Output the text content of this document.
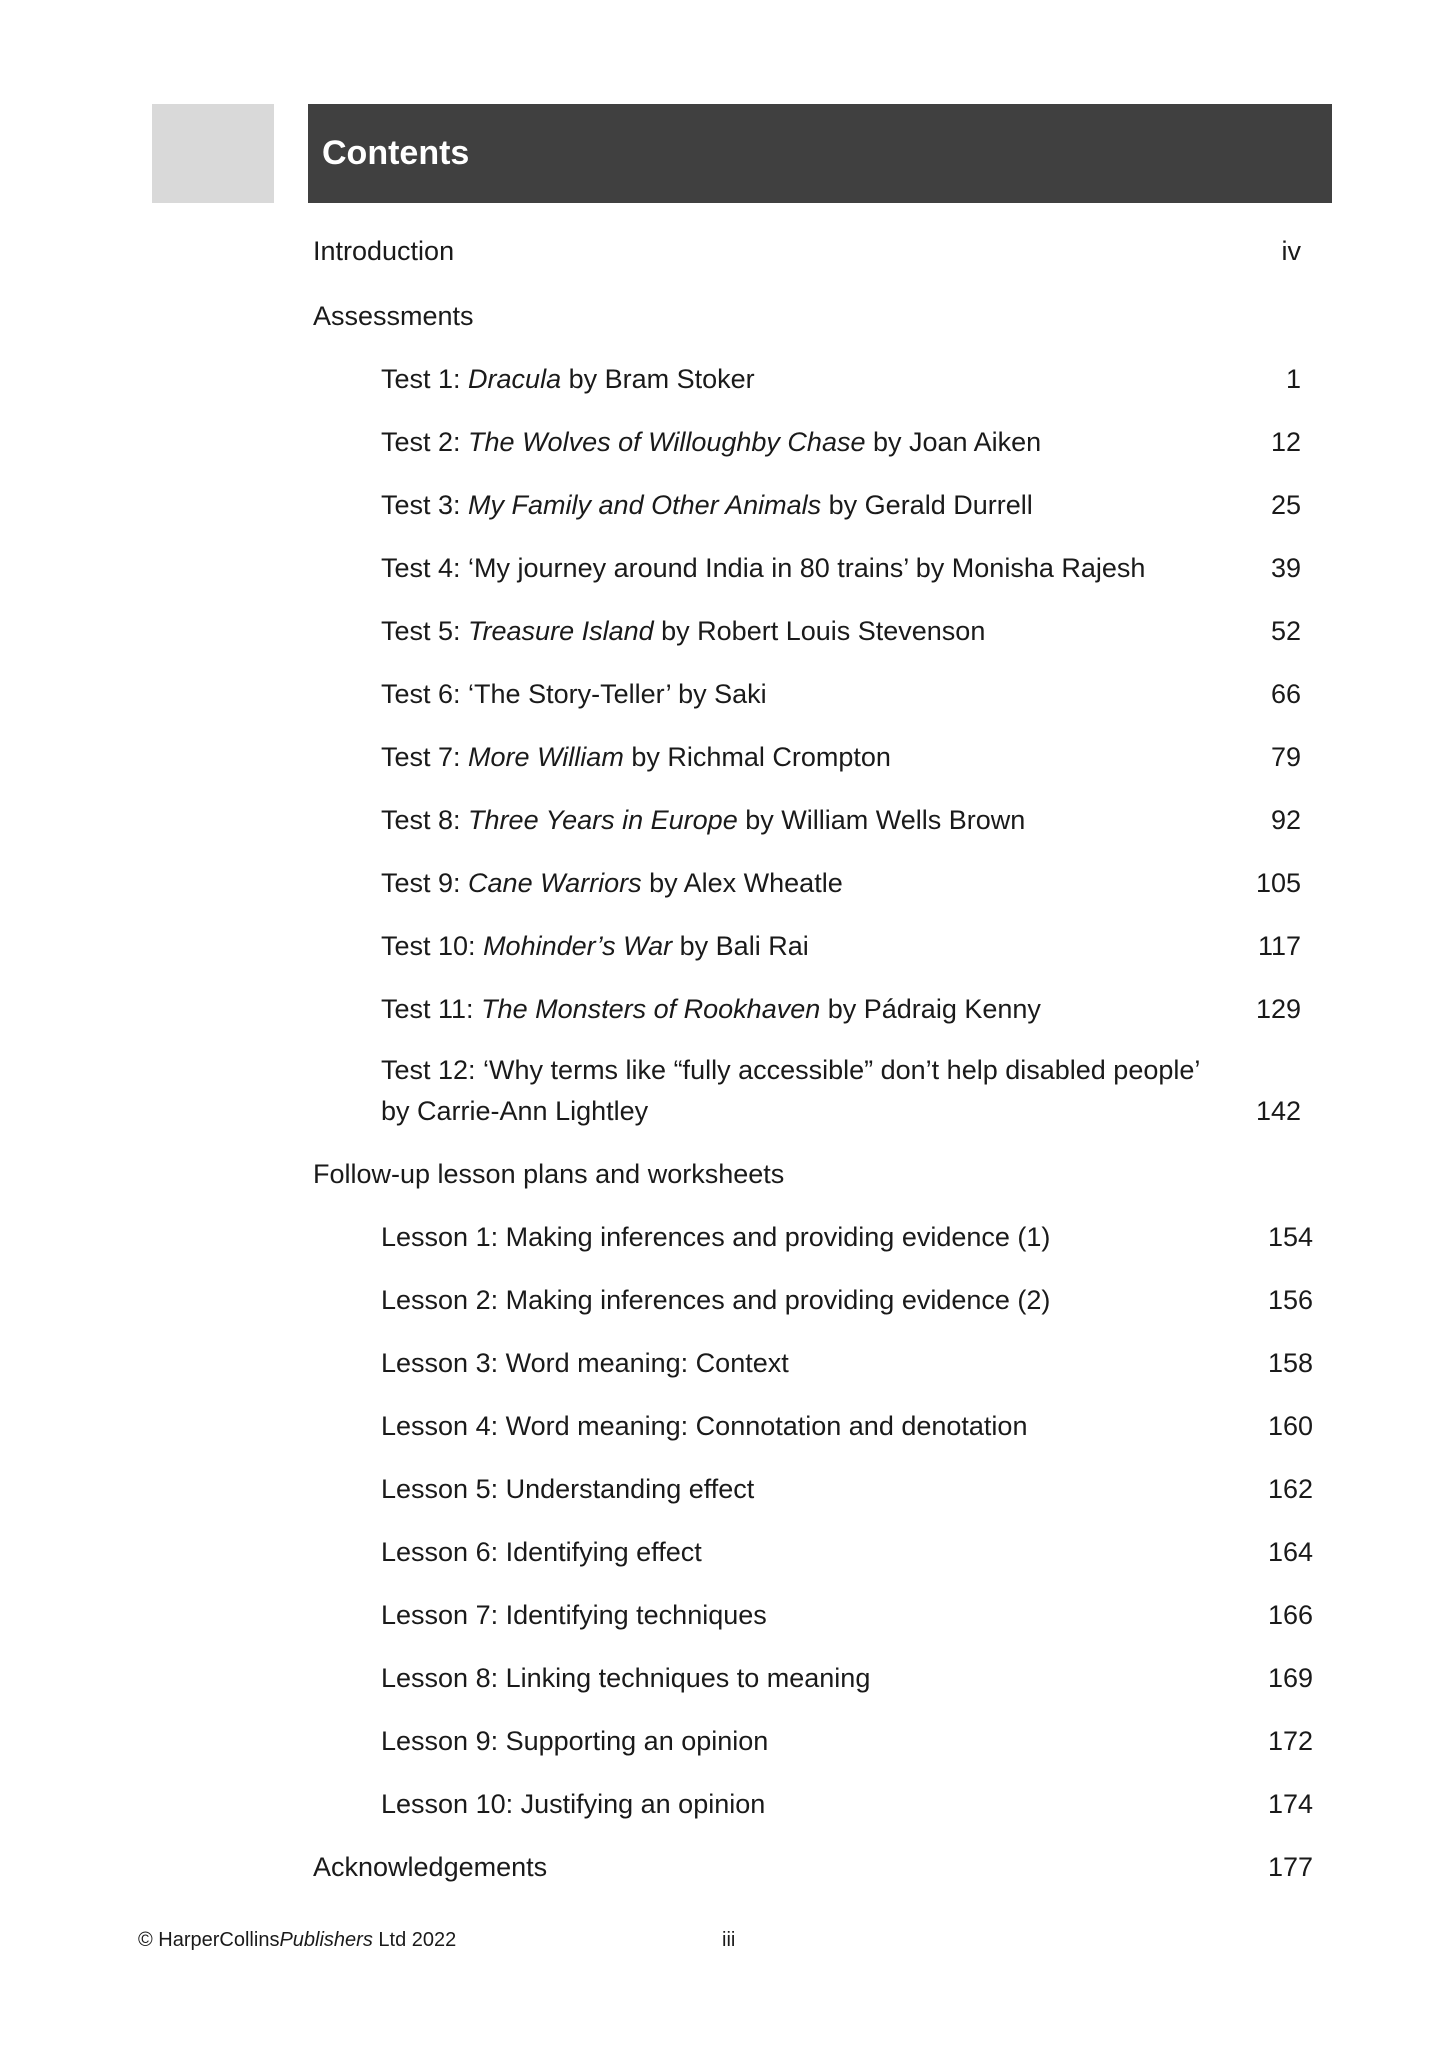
Contents
Introduction	iv
Assessments
Test 1: Dracula by Bram Stoker	1
Test 2: The Wolves of Willoughby Chase by Joan Aiken	12
Test 3: My Family and Other Animals by Gerald Durrell	25
Test 4: ‘My journey around India in 80 trains’ by Monisha Rajesh	39
Test 5: Treasure Island by Robert Louis Stevenson	52
Test 6: ‘The Story-Teller’ by Saki	66
Test 7: More William by Richmal Crompton	79
Test 8: Three Years in Europe by William Wells Brown	92
Test 9: Cane Warriors by Alex Wheatle	105
Test 10: Mohinder’s War by Bali Rai	117
Test 11: The Monsters of Rookhaven by Pádraig Kenny	129
Test 12: ‘Why terms like “fully accessible” don’t help disabled people’
by Carrie-Ann Lightley	142
Follow-up lesson plans and worksheets
Lesson 1: Making inferences and providing evidence (1)	154
Lesson 2: Making inferences and providing evidence (2)	156
Lesson 3: Word meaning: Context	158
Lesson 4: Word meaning: Connotation and denotation	160
Lesson 5: Understanding effect	162
Lesson 6: Identifying effect	164
Lesson 7: Identifying techniques	166
Lesson 8: Linking techniques to meaning	169
Lesson 9: Supporting an opinion	172
Lesson 10: Justifying an opinion	174
Acknowledgements	177
© HarperCollinsPublishers Ltd 2022	iii
